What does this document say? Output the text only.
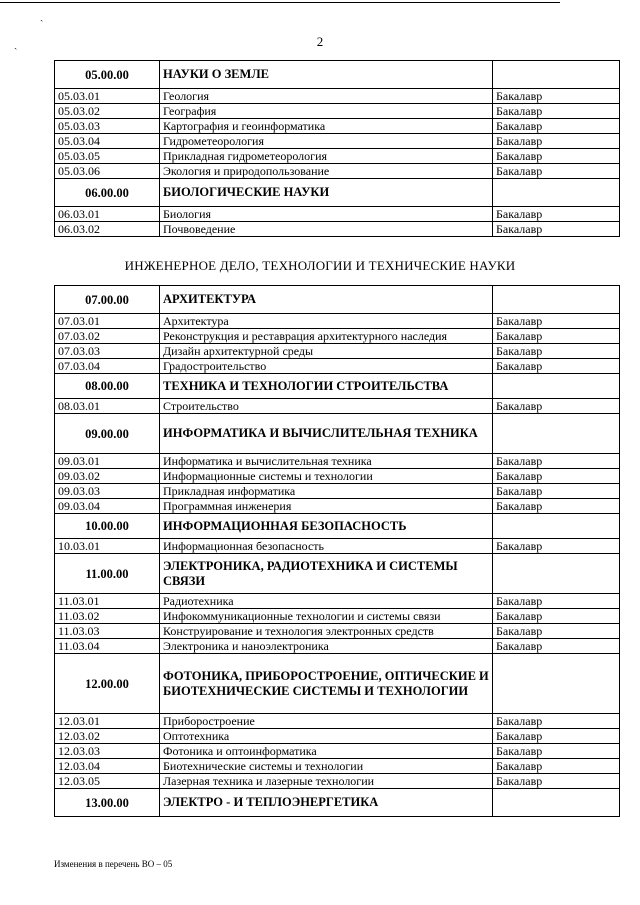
ˎ
ˎ	2
05.00.00	НАУКИ О ЗЕМЛЕ	
05.03.01	Геология	Бакалавр
05.03.02	География	Бакалавр
05.03.03	Картография и геоинформатика	Бакалавр
05.03.04	Гидрометеорология	Бакалавр
05.03.05	Прикладная гидрометеорология	Бакалавр
05.03.06	Экология и природопользование	Бакалавр
06.00.00	БИОЛОГИЧЕСКИЕ НАУКИ	
06.03.01	Биология	Бакалавр
06.03.02	Почвоведение	Бакалавр
ИНЖЕНЕРНОЕ ДЕЛО, ТЕХНОЛОГИИ И ТЕХНИЧЕСКИЕ НАУКИ
07.00.00	АРХИТЕКТУРА	
07.03.01	Архитектура	Бакалавр
07.03.02	Реконструкция и реставрация архитектурного наследия	Бакалавр
07.03.03	Дизайн архитектурной среды	Бакалавр
07.03.04	Градостроительство	Бакалавр
08.00.00	ТЕХНИКА И ТЕХНОЛОГИИ СТРОИТЕЛЬСТВА	
08.03.01	Строительство	Бакалавр
09.00.00	ИНФОРМАТИКА И ВЫЧИСЛИТЕЛЬНАЯ ТЕХНИКА	
09.03.01	Информатика и вычислительная техника	Бакалавр
09.03.02	Информационные системы и технологии	Бакалавр
09.03.03	Прикладная информатика	Бакалавр
09.03.04	Программная инженерия	Бакалавр
10.00.00	ИНФОРМАЦИОННАЯ БЕЗОПАСНОСТЬ	
10.03.01	Информационная безопасность	Бакалавр
11.00.00	ЭЛЕКТРОНИКА, РАДИОТЕХНИКА И СИСТЕМЫ СВЯЗИ	
11.03.01	Радиотехника	Бакалавр
11.03.02	Инфокоммуникационные технологии и системы связи	Бакалавр
11.03.03	Конструирование и технология электронных средств	Бакалавр
11.03.04	Электроника и наноэлектроника	Бакалавр
12.00.00	ФОТОНИКА, ПРИБОРОСТРОЕНИЕ, ОПТИЧЕСКИЕ И БИОТЕХНИЧЕСКИЕ СИСТЕМЫ И ТЕХНОЛОГИИ	
12.03.01	Приборостроение	Бакалавр
12.03.02	Оптотехника	Бакалавр
12.03.03	Фотоника и оптоинформатика	Бакалавр
12.03.04	Биотехнические системы и технологии	Бакалавр
12.03.05	Лазерная техника и лазерные технологии	Бакалавр
13.00.00	ЭЛЕКТРО - И ТЕПЛОЭНЕРГЕТИКА	
Изменения в перечень ВО – 05
